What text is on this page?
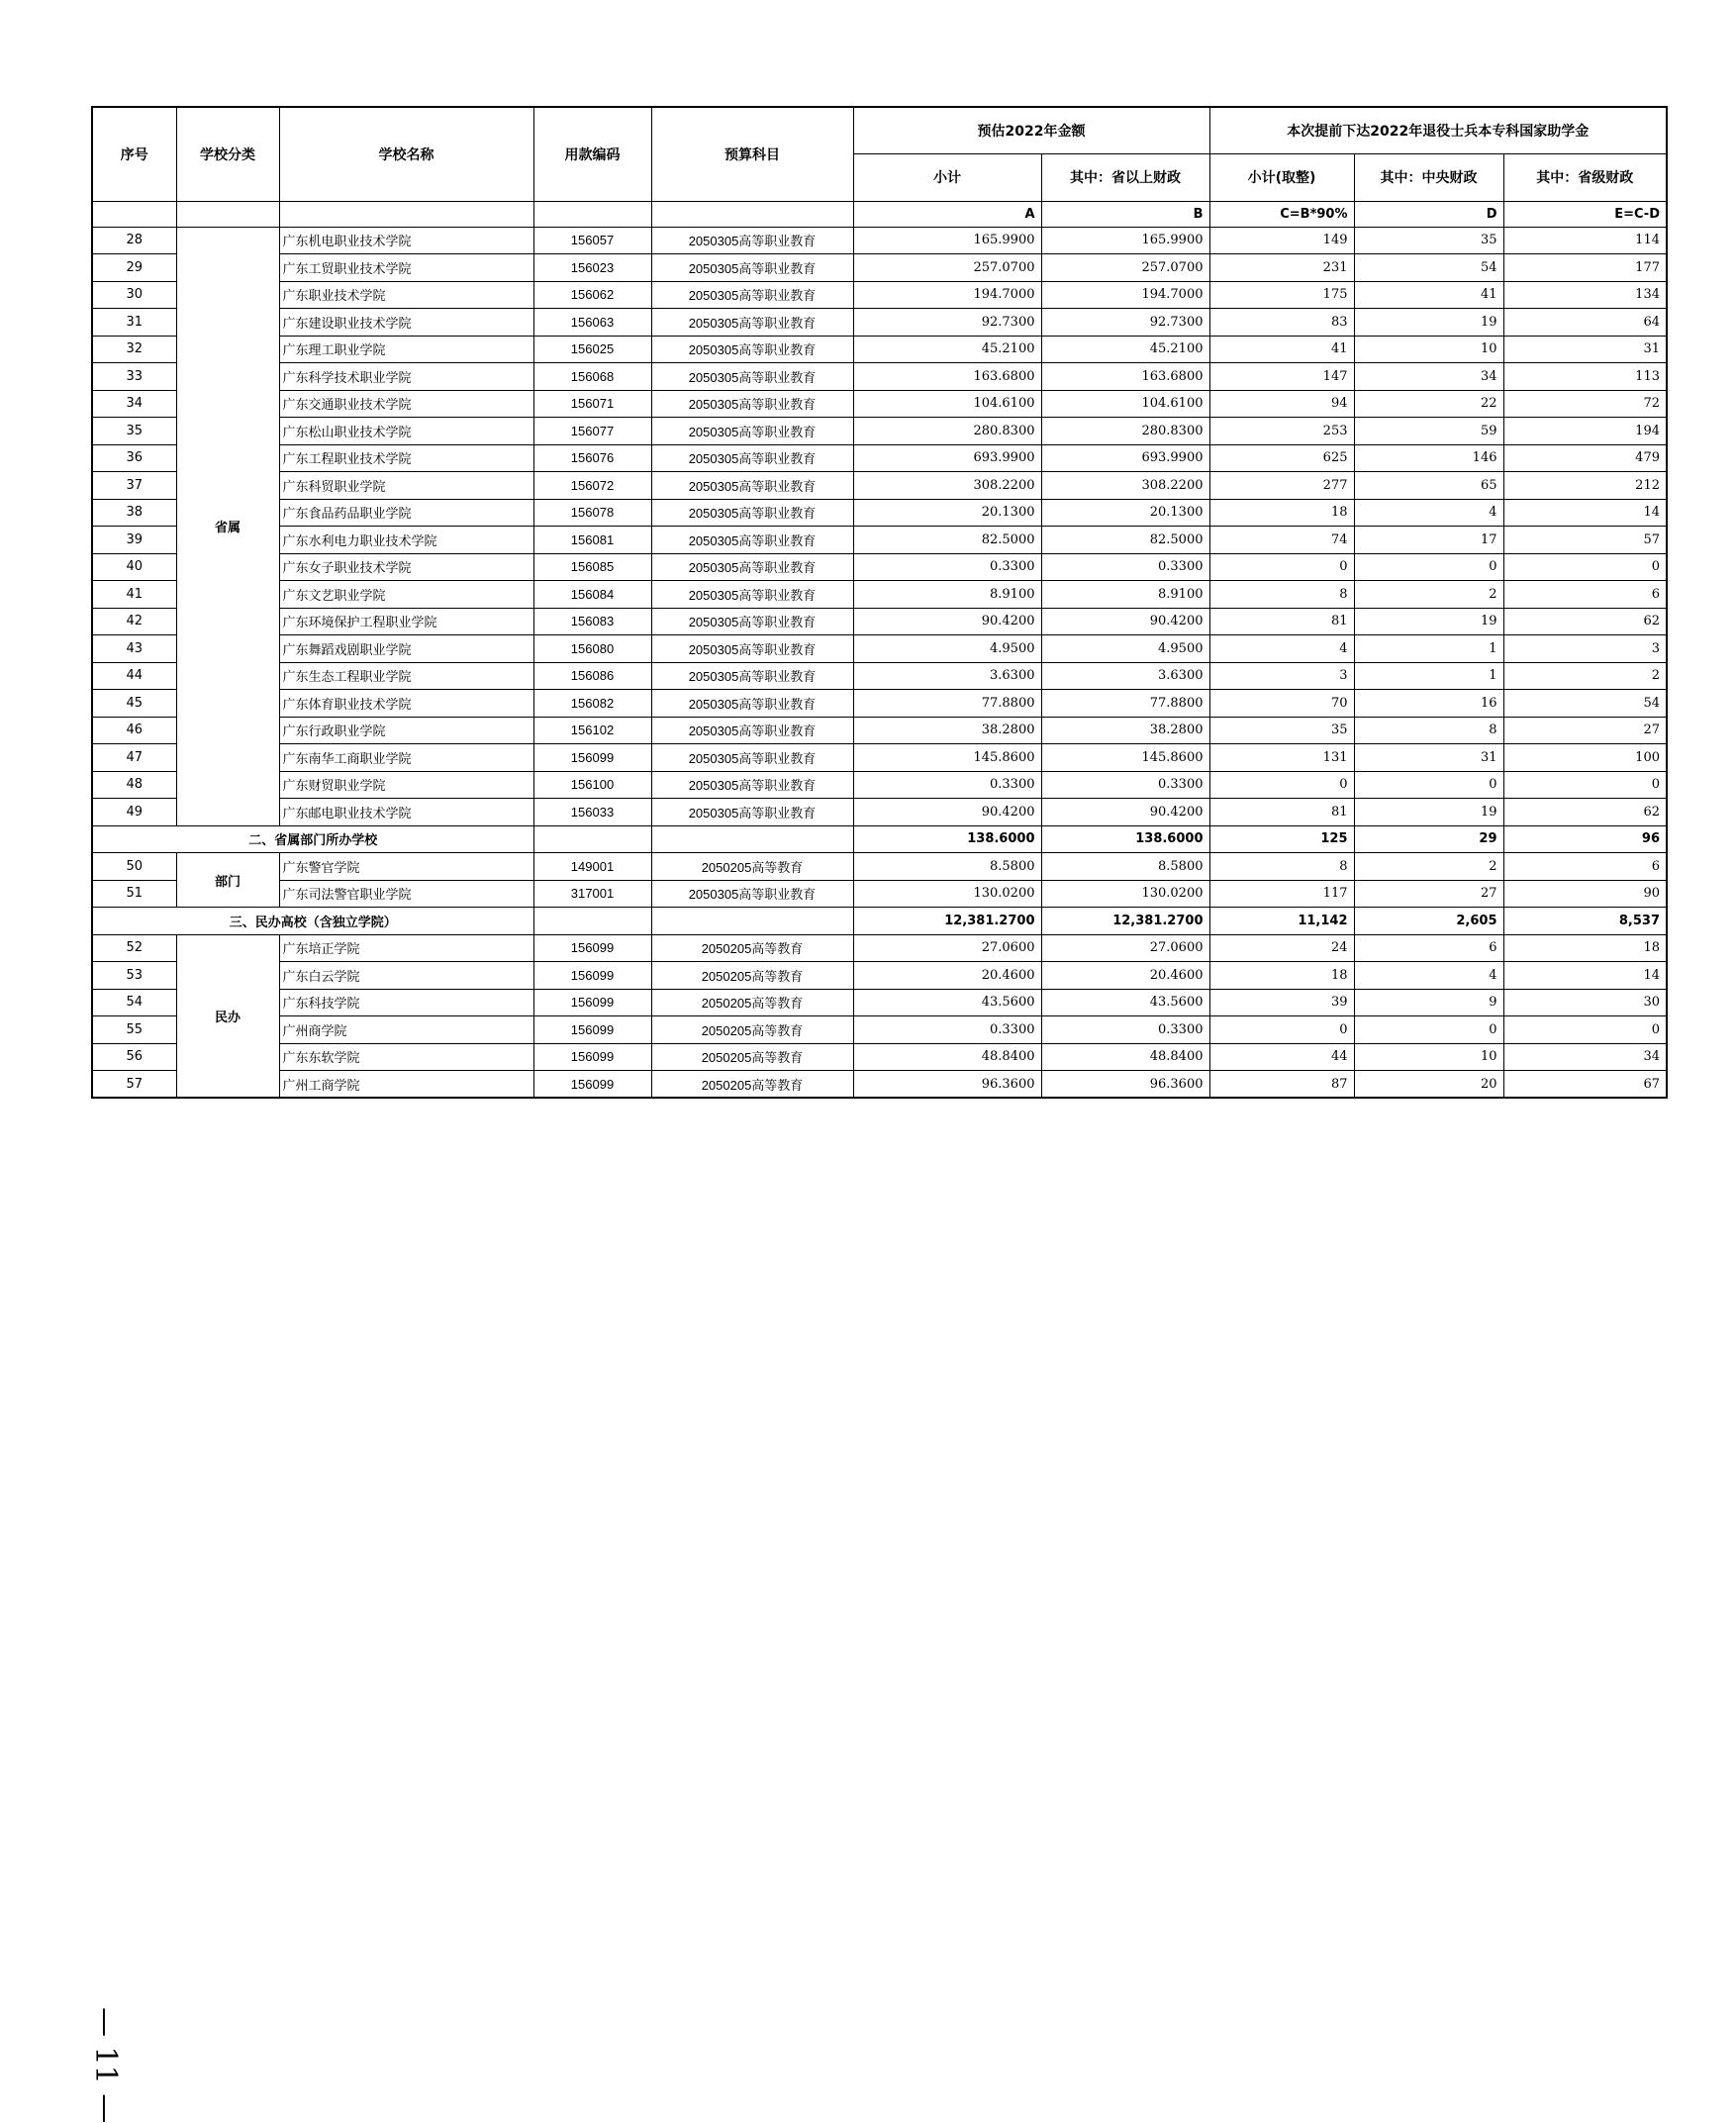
序号	学校分类	学校名称	用款编码	预算科目	预估2022年金额		本次提前下达2022年退役士兵本专科国家助学金		
					小计	其中：省以上财政	小计(取整)	其中：中央财政	其中：省级财政
					A	B	C=B*90%	D	E=C-D
28	省属	广东机电职业技术学院	156057	2050305高等职业教育	165.9900	165.9900	149	35	114
29		广东工贸职业技术学院	156023	2050305高等职业教育	257.0700	257.0700	231	54	177
30		广东职业技术学院	156062	2050305高等职业教育	194.7000	194.7000	175	41	134
31		广东建设职业技术学院	156063	2050305高等职业教育	92.7300	92.7300	83	19	64
32		广东理工职业学院	156025	2050305高等职业教育	45.2100	45.2100	41	10	31
33		广东科学技术职业学院	156068	2050305高等职业教育	163.6800	163.6800	147	34	113
34		广东交通职业技术学院	156071	2050305高等职业教育	104.6100	104.6100	94	22	72
35		广东松山职业技术学院	156077	2050305高等职业教育	280.8300	280.8300	253	59	194
36		广东工程职业技术学院	156076	2050305高等职业教育	693.9900	693.9900	625	146	479
37		广东科贸职业学院	156072	2050305高等职业教育	308.2200	308.2200	277	65	212
38		广东食品药品职业学院	156078	2050305高等职业教育	20.1300	20.1300	18	4	14
39		广东水利电力职业技术学院	156081	2050305高等职业教育	82.5000	82.5000	74	17	57
40		广东女子职业技术学院	156085	2050305高等职业教育	0.3300	0.3300	0	0	0
41		广东文艺职业学院	156084	2050305高等职业教育	8.9100	8.9100	8	2	6
42		广东环境保护工程职业学院	156083	2050305高等职业教育	90.4200	90.4200	81	19	62
43		广东舞蹈戏剧职业学院	156080	2050305高等职业教育	4.9500	4.9500	4	1	3
44		广东生态工程职业学院	156086	2050305高等职业教育	3.6300	3.6300	3	1	2
45		广东体育职业技术学院	156082	2050305高等职业教育	77.8800	77.8800	70	16	54
46		广东行政职业学院	156102	2050305高等职业教育	38.2800	38.2800	35	8	27
47		广东南华工商职业学院	156099	2050305高等职业教育	145.8600	145.8600	131	31	100
48		广东财贸职业学院	156100	2050305高等职业教育	0.3300	0.3300	0	0	0
49		广东邮电职业技术学院	156033	2050305高等职业教育	90.4200	90.4200	81	19	62
二、省属部门所办学校					138.6000	138.6000	125	29	96
50	部门	广东警官学院	149001	2050205高等教育	8.5800	8.5800	8	2	6
51		广东司法警官职业学院	317001	2050305高等职业教育	130.0200	130.0200	117	27	90
三、民办高校（含独立学院）					12,381.2700	12,381.2700	11,142	2,605	8,537
52	民办	广东培正学院	156099	2050205高等教育	27.0600	27.0600	24	6	18
53		广东白云学院	156099	2050205高等教育	20.4600	20.4600	18	4	14
54		广东科技学院	156099	2050205高等教育	43.5600	43.5600	39	9	30
55		广州商学院	156099	2050205高等教育	0.3300	0.3300	0	0	0
56		广东东软学院	156099	2050205高等教育	48.8400	48.8400	44	10	34
57		广州工商学院	156099	2050205高等教育	96.3600	96.3600	87	20	67
— 11 —
